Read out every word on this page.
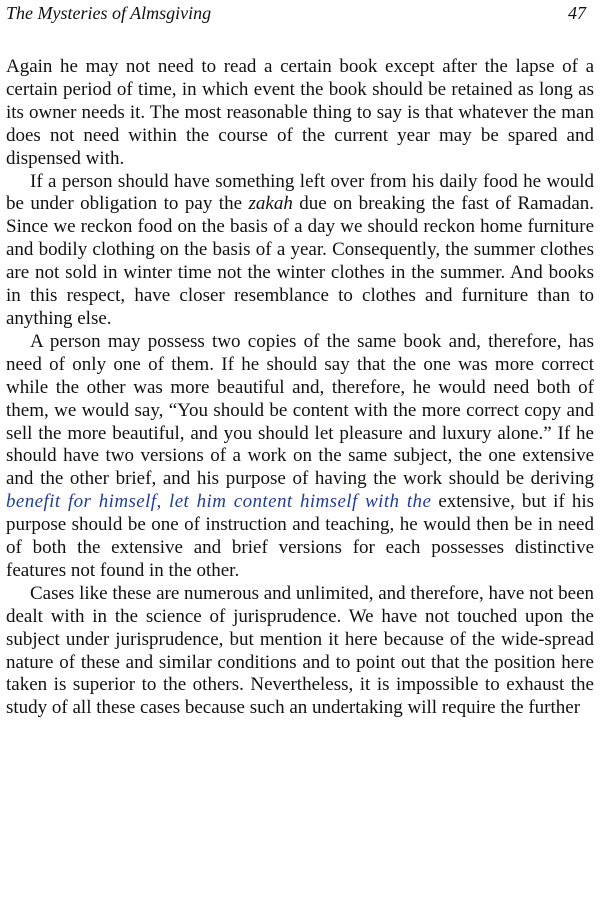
The Mysteries of Almsgiving	47

Again he may not need to read a certain book except after the lapse of a certain period of time, in which event the book should be retained as long as its owner needs it. The most reasonable thing to say is that whatever the man does not need within the course of the current year may be spared and dispensed with.

If a person should have something left over from his daily food he would be under obligation to pay the zakah due on breaking the fast of Ramadan. Since we reckon food on the basis of a day we should reckon home furniture and bodily clothing on the basis of a year. Consequently, the summer clothes are not sold in winter time not the winter clothes in the summer. And books in this respect, have closer resemblance to clothes and furniture than to anything else.

A person may possess two copies of the same book and, therefore, has need of only one of them. If he should say that the one was more correct while the other was more beautiful and, therefore, he would need both of them, we would say, “You should be content with the more correct copy and sell the more beautiful, and you should let pleasure and luxury alone.” If he should have two versions of a work on the same subject, the one extensive and the other brief, and his purpose of having the work should be deriving benefit for himself, let him content himself with the extensive, but if his purpose should be one of instruction and teaching, he would then be in need of both the extensive and brief versions for each possesses distinctive features not found in the other.

Cases like these are numerous and unlimited, and therefore, have not been dealt with in the science of jurisprudence. We have not touched upon the subject under jurisprudence, but mention it here because of the wide-spread nature of these and similar conditions and to point out that the position here taken is superior to the others. Nevertheless, it is impossible to exhaust the study of all these cases because such an undertaking will require the further
